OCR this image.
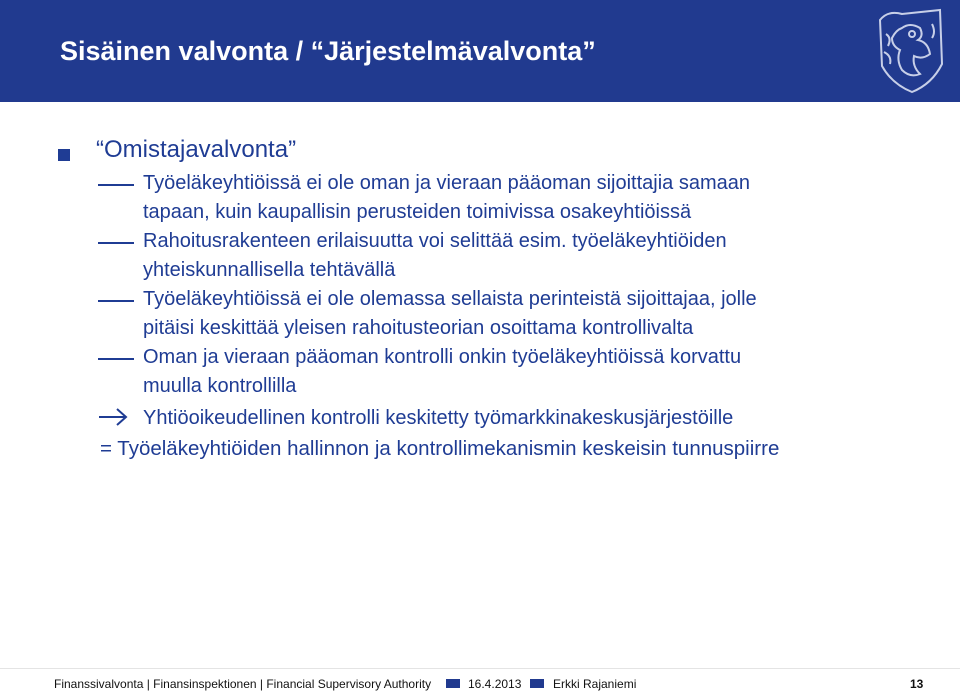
Sisäinen valvonta / “Järjestelmävalvonta”
“Omistajavalvonta”
Työeläkeyhtiöissä ei ole oman ja vieraan pääoman sijoittajia samaan
tapaan, kuin kaupallisin perusteiden toimivissa osakeyhtiöissä
Rahoitusrakenteen erilaisuutta voi selittää esim. työeläkeyhtiöiden
yhteiskunnallisella tehtävällä
Työeläkeyhtiöissä ei ole olemassa sellaista perinteistä sijoittajaa, jolle
pitäisi keskittää yleisen rahoitusteorian osoittama kontrollivalta
Oman ja vieraan pääoman kontrolli onkin työeläkeyhtiöissä korvattu
muulla kontrollilla
Yhtiöoikeudellinen kontrolli keskitetty työmarkkinakeskusjärjestöille
= Työeläkeyhtiöiden hallinnon ja kontrollimekanismin keskeisin tunnuspiirre
Finanssivalvonta | Finansinspektionen | Financial Supervisory Authority	16.4.2013	Erkki Rajaniemi	13
